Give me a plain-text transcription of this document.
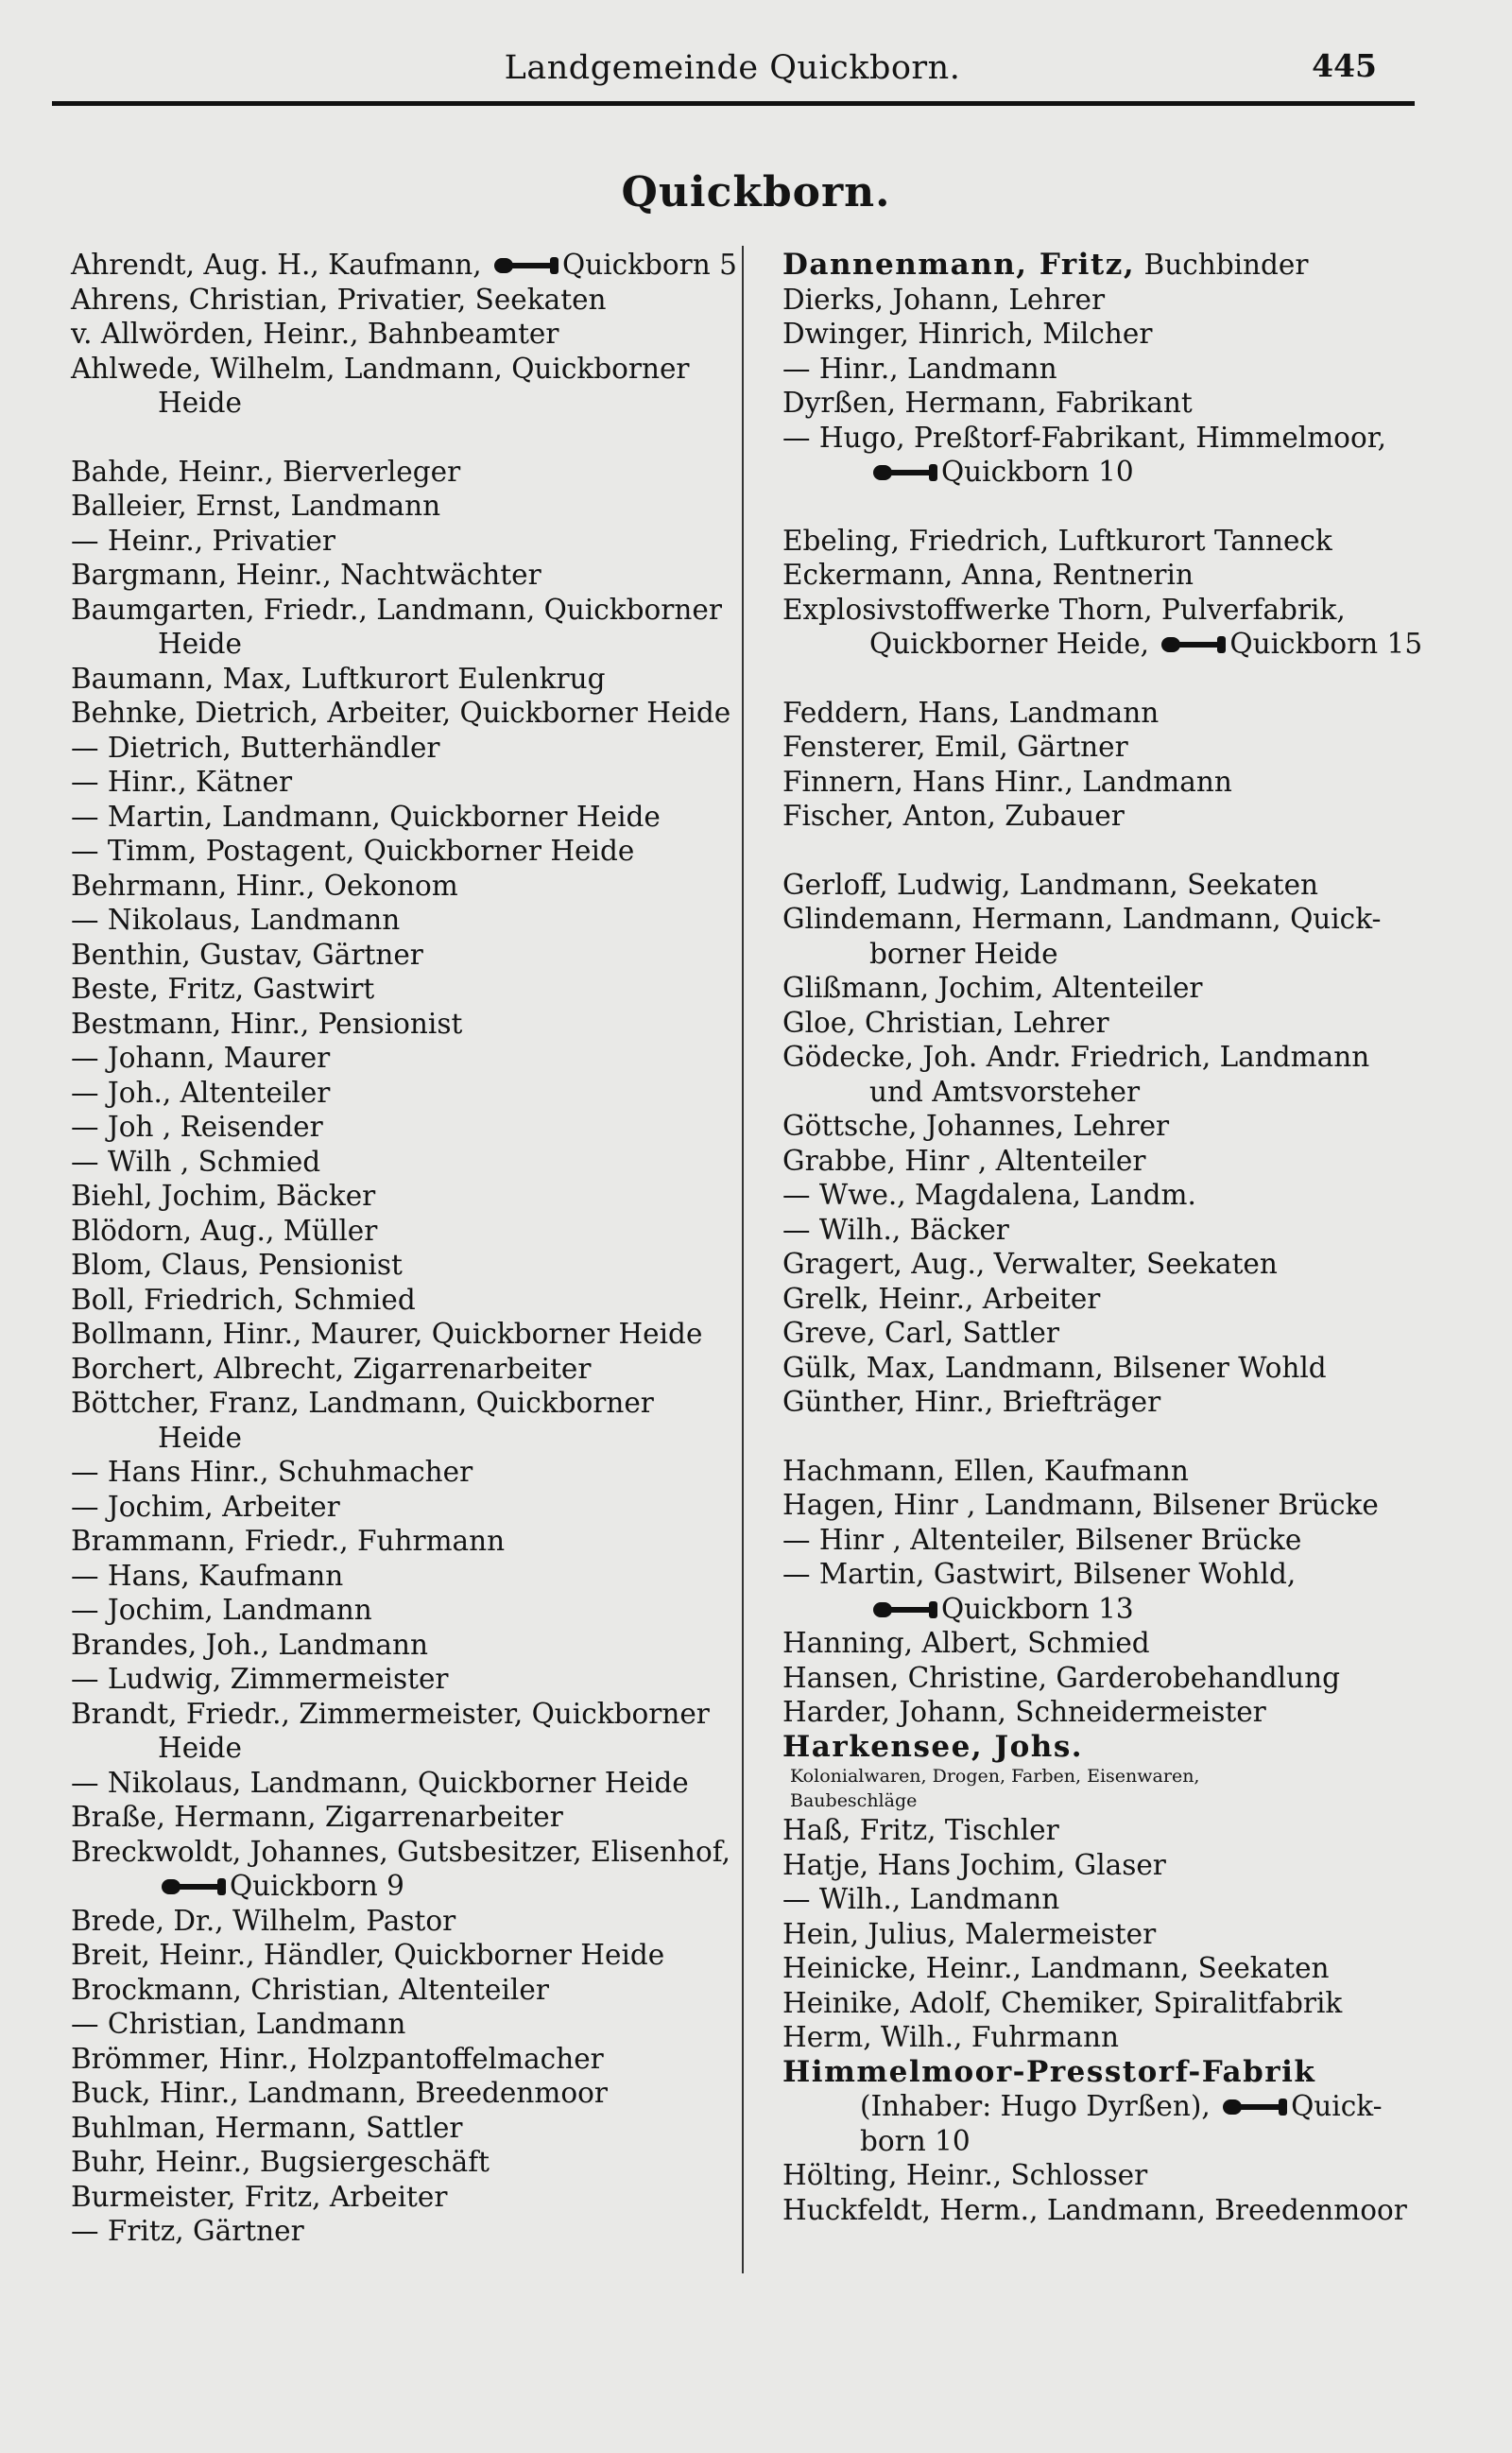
Landgemeinde Quickborn.	445
Quickborn.
Ahrendt, Aug. H., Kaufmann,	Quickborn 5
Ahrens, Christian, Privatier, Seekaten
v. Allwörden, Heinr., Bahnbeamter
Ahlwede, Wilhelm, Landmann, Quickborner
Heide
Bahde, Heinr., Bierverleger
Balleier, Ernst, Landmann
— Heinr., Privatier
Bargmann, Heinr., Nachtwächter
Baumgarten, Friedr., Landmann, Quickborner
Heide
Baumann, Max, Luftkurort Eulenkrug
Behnke, Dietrich, Arbeiter, Quickborner Heide
— Dietrich, Butterhändler
— Hinr., Kätner
— Martin, Landmann, Quickborner Heide
— Timm, Postagent, Quickborner Heide
Behrmann, Hinr., Oekonom
— Nikolaus, Landmann
Benthin, Gustav, Gärtner
Beste, Fritz, Gastwirt
Bestmann, Hinr., Pensionist
— Johann, Maurer
— Joh., Altenteiler
— Joh , Reisender
— Wilh , Schmied
Biehl, Jochim, Bäcker
Blödorn, Aug., Müller
Blom, Claus, Pensionist
Boll, Friedrich, Schmied
Bollmann, Hinr., Maurer, Quickborner Heide
Borchert, Albrecht, Zigarrenarbeiter
Böttcher, Franz, Landmann, Quickborner
Heide
— Hans Hinr., Schuhmacher
— Jochim, Arbeiter
Brammann, Friedr., Fuhrmann
— Hans, Kaufmann
— Jochim, Landmann
Brandes, Joh., Landmann
— Ludwig, Zimmermeister
Brandt, Friedr., Zimmermeister, Quickborner
Heide
— Nikolaus, Landmann, Quickborner Heide
Braße, Hermann, Zigarrenarbeiter
Breckwoldt, Johannes, Gutsbesitzer, Elisenhof,
Quickborn 9
Brede, Dr., Wilhelm, Pastor
Breit, Heinr., Händler, Quickborner Heide
Brockmann, Christian, Altenteiler
— Christian, Landmann
Brömmer, Hinr., Holzpantoffelmacher
Buck, Hinr., Landmann, Breedenmoor
Buhlman, Hermann, Sattler
Buhr, Heinr., Bugsiergeschäft
Burmeister, Fritz, Arbeiter
— Fritz, Gärtner
Dannenmann, Fritz, Buchbinder
Dierks, Johann, Lehrer
Dwinger, Hinrich, Milcher
— Hinr., Landmann
Dyrßen, Hermann, Fabrikant
— Hugo, Preßtorf-Fabrikant, Himmelmoor,
Quickborn 10
Ebeling, Friedrich, Luftkurort Tanneck
Eckermann, Anna, Rentnerin
Explosivstoffwerke Thorn, Pulverfabrik,
Quickborner Heide,	Quickborn 15
Feddern, Hans, Landmann
Fensterer, Emil, Gärtner
Finnern, Hans Hinr., Landmann
Fischer, Anton, Zubauer
Gerloff, Ludwig, Landmann, Seekaten
Glindemann, Hermann, Landmann, Quick-
borner Heide
Glißmann, Jochim, Altenteiler
Gloe, Christian, Lehrer
Gödecke, Joh. Andr. Friedrich, Landmann
und Amtsvorsteher
Göttsche, Johannes, Lehrer
Grabbe, Hinr , Altenteiler
— Wwe., Magdalena, Landm.
— Wilh., Bäcker
Gragert, Aug., Verwalter, Seekaten
Grelk, Heinr., Arbeiter
Greve, Carl, Sattler
Gülk, Max, Landmann, Bilsener Wohld
Günther, Hinr., Briefträger
Hachmann, Ellen, Kaufmann
Hagen, Hinr , Landmann, Bilsener Brücke
— Hinr , Altenteiler, Bilsener Brücke
— Martin, Gastwirt, Bilsener Wohld,
Quickborn 13
Hanning, Albert, Schmied
Hansen, Christine, Garderobehandlung
Harder, Johann, Schneidermeister
Harkensee, Johs.
Kolonialwaren, Drogen, Farben, Eisenwaren,
Baubeschläge
Haß, Fritz, Tischler
Hatje, Hans Jochim, Glaser
— Wilh., Landmann
Hein, Julius, Malermeister
Heinicke, Heinr., Landmann, Seekaten
Heinike, Adolf, Chemiker, Spiralitfabrik
Herm, Wilh., Fuhrmann
Himmelmoor-Presstorf-Fabrik
(Inhaber: Hugo Dyrßen),	Quick-
born 10
Hölting, Heinr., Schlosser
Huckfeldt, Herm., Landmann, Breedenmoor
